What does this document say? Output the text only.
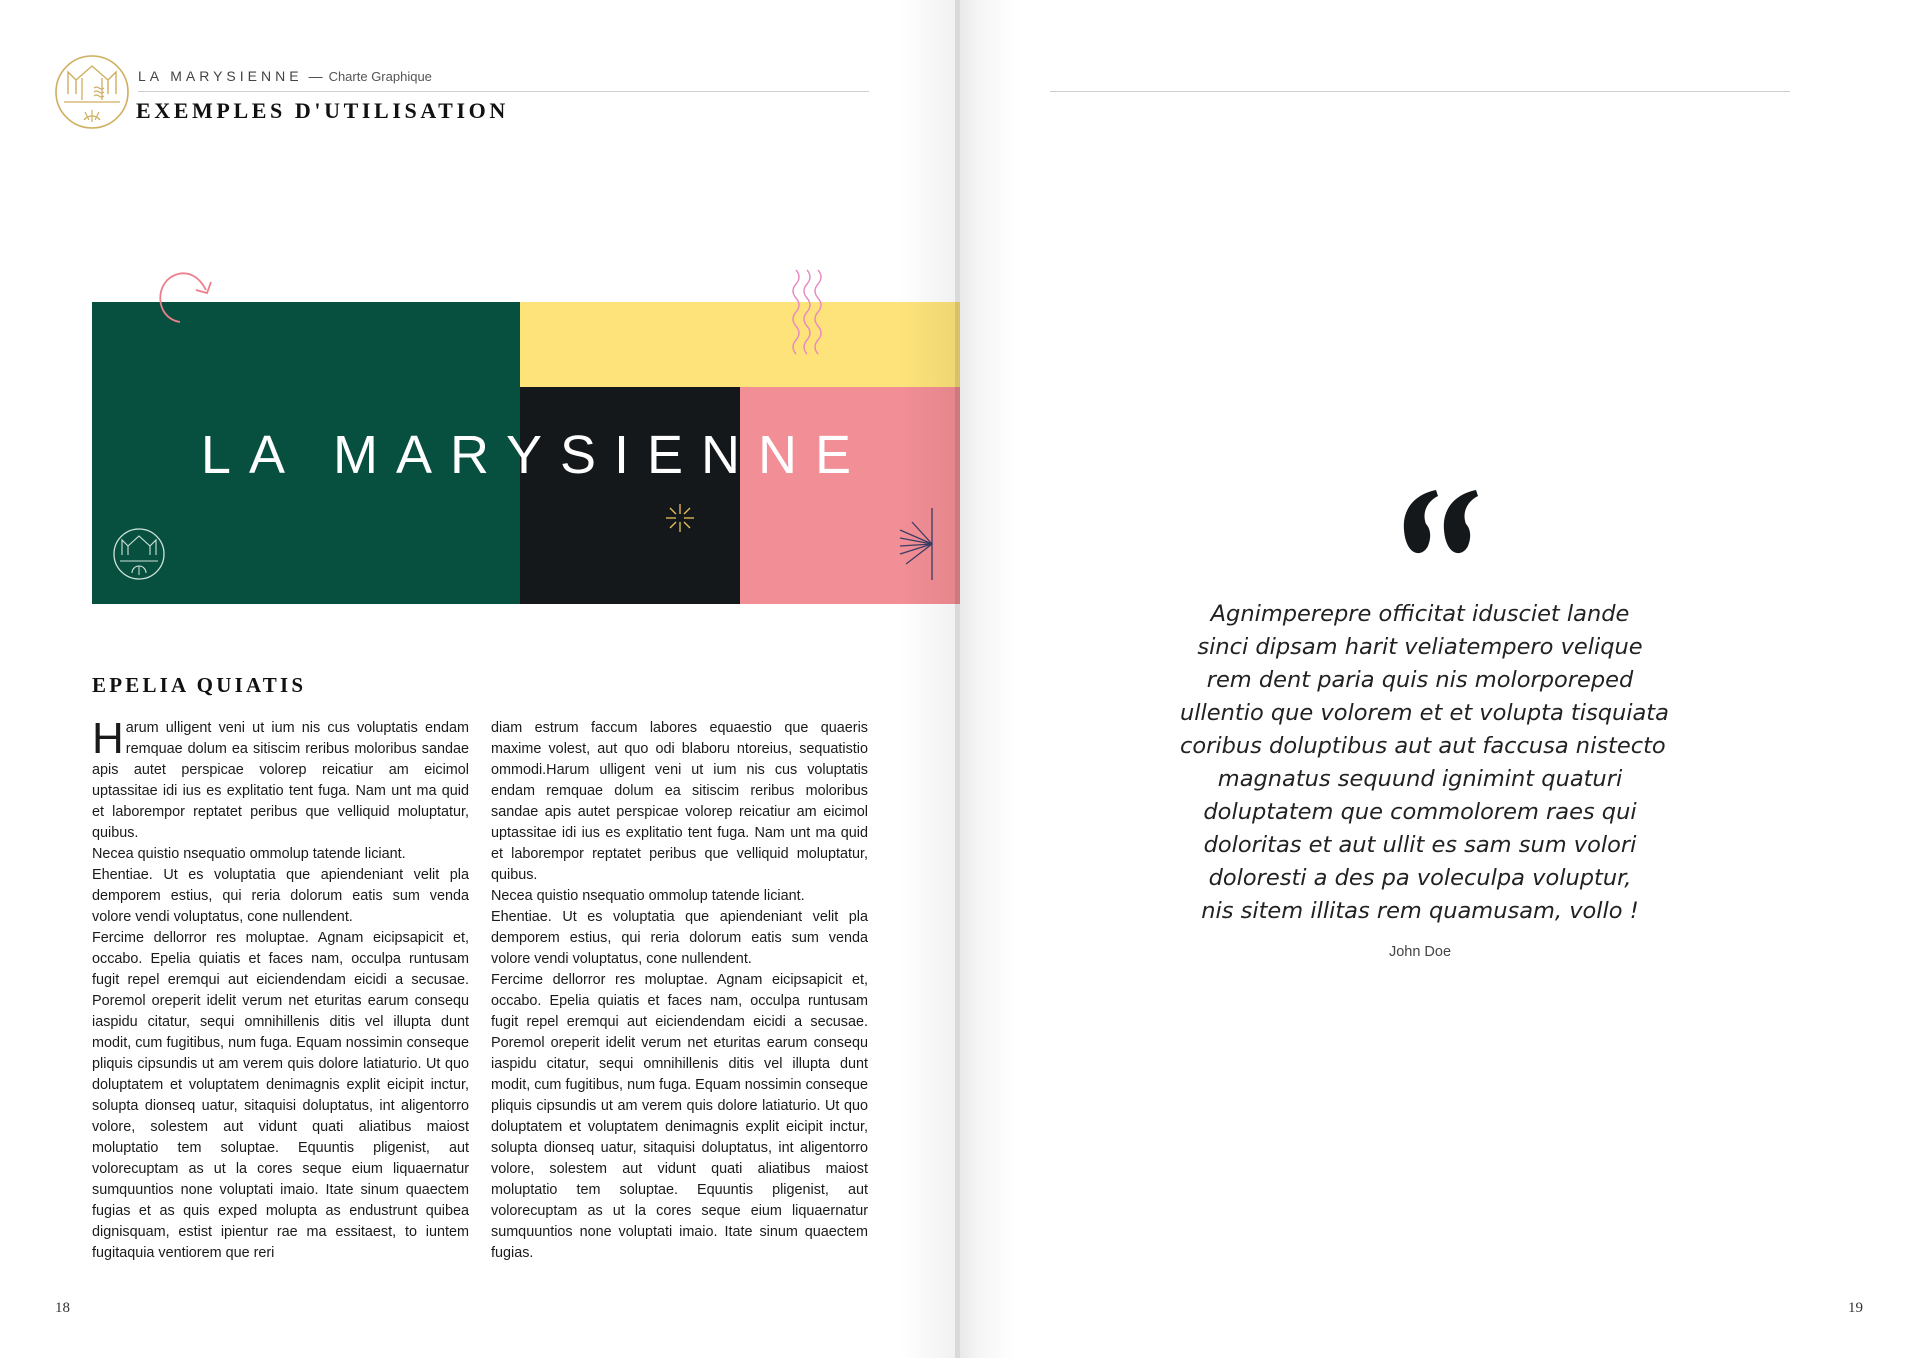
LA MARYSIENNE — Charte Graphique
EXEMPLES D'UTILISATION
LA MARYSIENNE
EPELIA QUIATIS

Harum ulligent veni ut ium nis cus voluptatis endam remquae dolum ea sitiscim reribus moloribus sandae apis autet perspicae volorep reicatiur am eicimol uptassitae idi ius es explitatio tent fuga. Nam unt ma quid et laborempor reptatet peribus que velliquid moluptatur, quibus.

Necea quistio nsequatio ommolup tatende liciant.

Ehentiae. Ut es voluptatia que apiendeniant velit pla demporem estius, qui reria dolorum eatis sum venda volore vendi voluptatus, cone nullendent.

Fercime dellorror res moluptae. Agnam eicipsapicit et, occabo. Epelia quiatis et faces nam, occulpa runtusam fugit repel eremqui aut eiciendendam eicidi a secusae. Poremol oreperit idelit verum net eturitas earum consequ iaspidu citatur, sequi omnihillenis ditis vel illupta dunt modit, cum fugitibus, num fuga. Equam nossimin conseque pliquis cipsundis ut am verem quis dolore latiaturio. Ut quo doluptatem et voluptatem denimagnis explit eicipit inctur, solupta dionseq uatur, sitaquisi doluptatus, int aligentorro volore, solestem aut vidunt quati aliatibus maiost moluptatio tem soluptae. Equuntis pligenist, aut volorecuptam as ut la cores seque eium liquaernatur sumquuntios none voluptati imaio. Itate sinum quaectem fugias et as quis exped molupta as endustrunt quibea dignisquam, estist ipientur rae ma essitaest, to iuntem fugitaquia ventiorem que reri

diam estrum faccum labores equaestio que quaeris maxime volest, aut quo odi blaboru ntoreius, sequatistio ommodi.Harum ulligent veni ut ium nis cus voluptatis endam remquae dolum ea sitiscim reribus moloribus sandae apis autet perspicae volorep reicatiur am eicimol uptassitae idi ius es explitatio tent fuga. Nam unt ma quid et laborempor reptatet peribus que velliquid moluptatur, quibus.

Necea quistio nsequatio ommolup tatende liciant.

Ehentiae. Ut es voluptatia que apiendeniant velit pla demporem estius, qui reria dolorum eatis sum venda volore vendi voluptatus, cone nullendent.

Fercime dellorror res moluptae. Agnam eicipsapicit et, occabo. Epelia quiatis et faces nam, occulpa runtusam fugit repel eremqui aut eiciendendam eicidi a secusae. Poremol oreperit idelit verum net eturitas earum consequ iaspidu citatur, sequi omnihillenis ditis vel illupta dunt modit, cum fugitibus, num fuga. Equam nossimin conseque pliquis cipsundis ut am verem quis dolore latiaturio. Ut quo doluptatem et voluptatem denimagnis explit eicipit inctur, solupta dionseq uatur, sitaquisi doluptatus, int aligentorro volore, solestem aut vidunt quati aliatibus maiost moluptatio tem soluptae. Equuntis pligenist, aut volorecuptam as ut la cores seque eium liquaernatur sumquuntios none voluptati imaio. Itate sinum quaectem fugias.

18	19

Agnimperepre officitat idusciet lande

sinci dipsam harit veliatempero velique

rem dent paria quis nis molorporeped

ullentio que volorem et et volupta tisquiata

coribus doluptibus aut aut faccusa nistecto

magnatus sequund ignimint quaturi

doluptatem que commolorem raes qui

doloritas et aut ullit es sam sum volori

doloresti a des pa voleculpa voluptur,

nis sitem illitas rem quamusam, vollo !

John Doe
